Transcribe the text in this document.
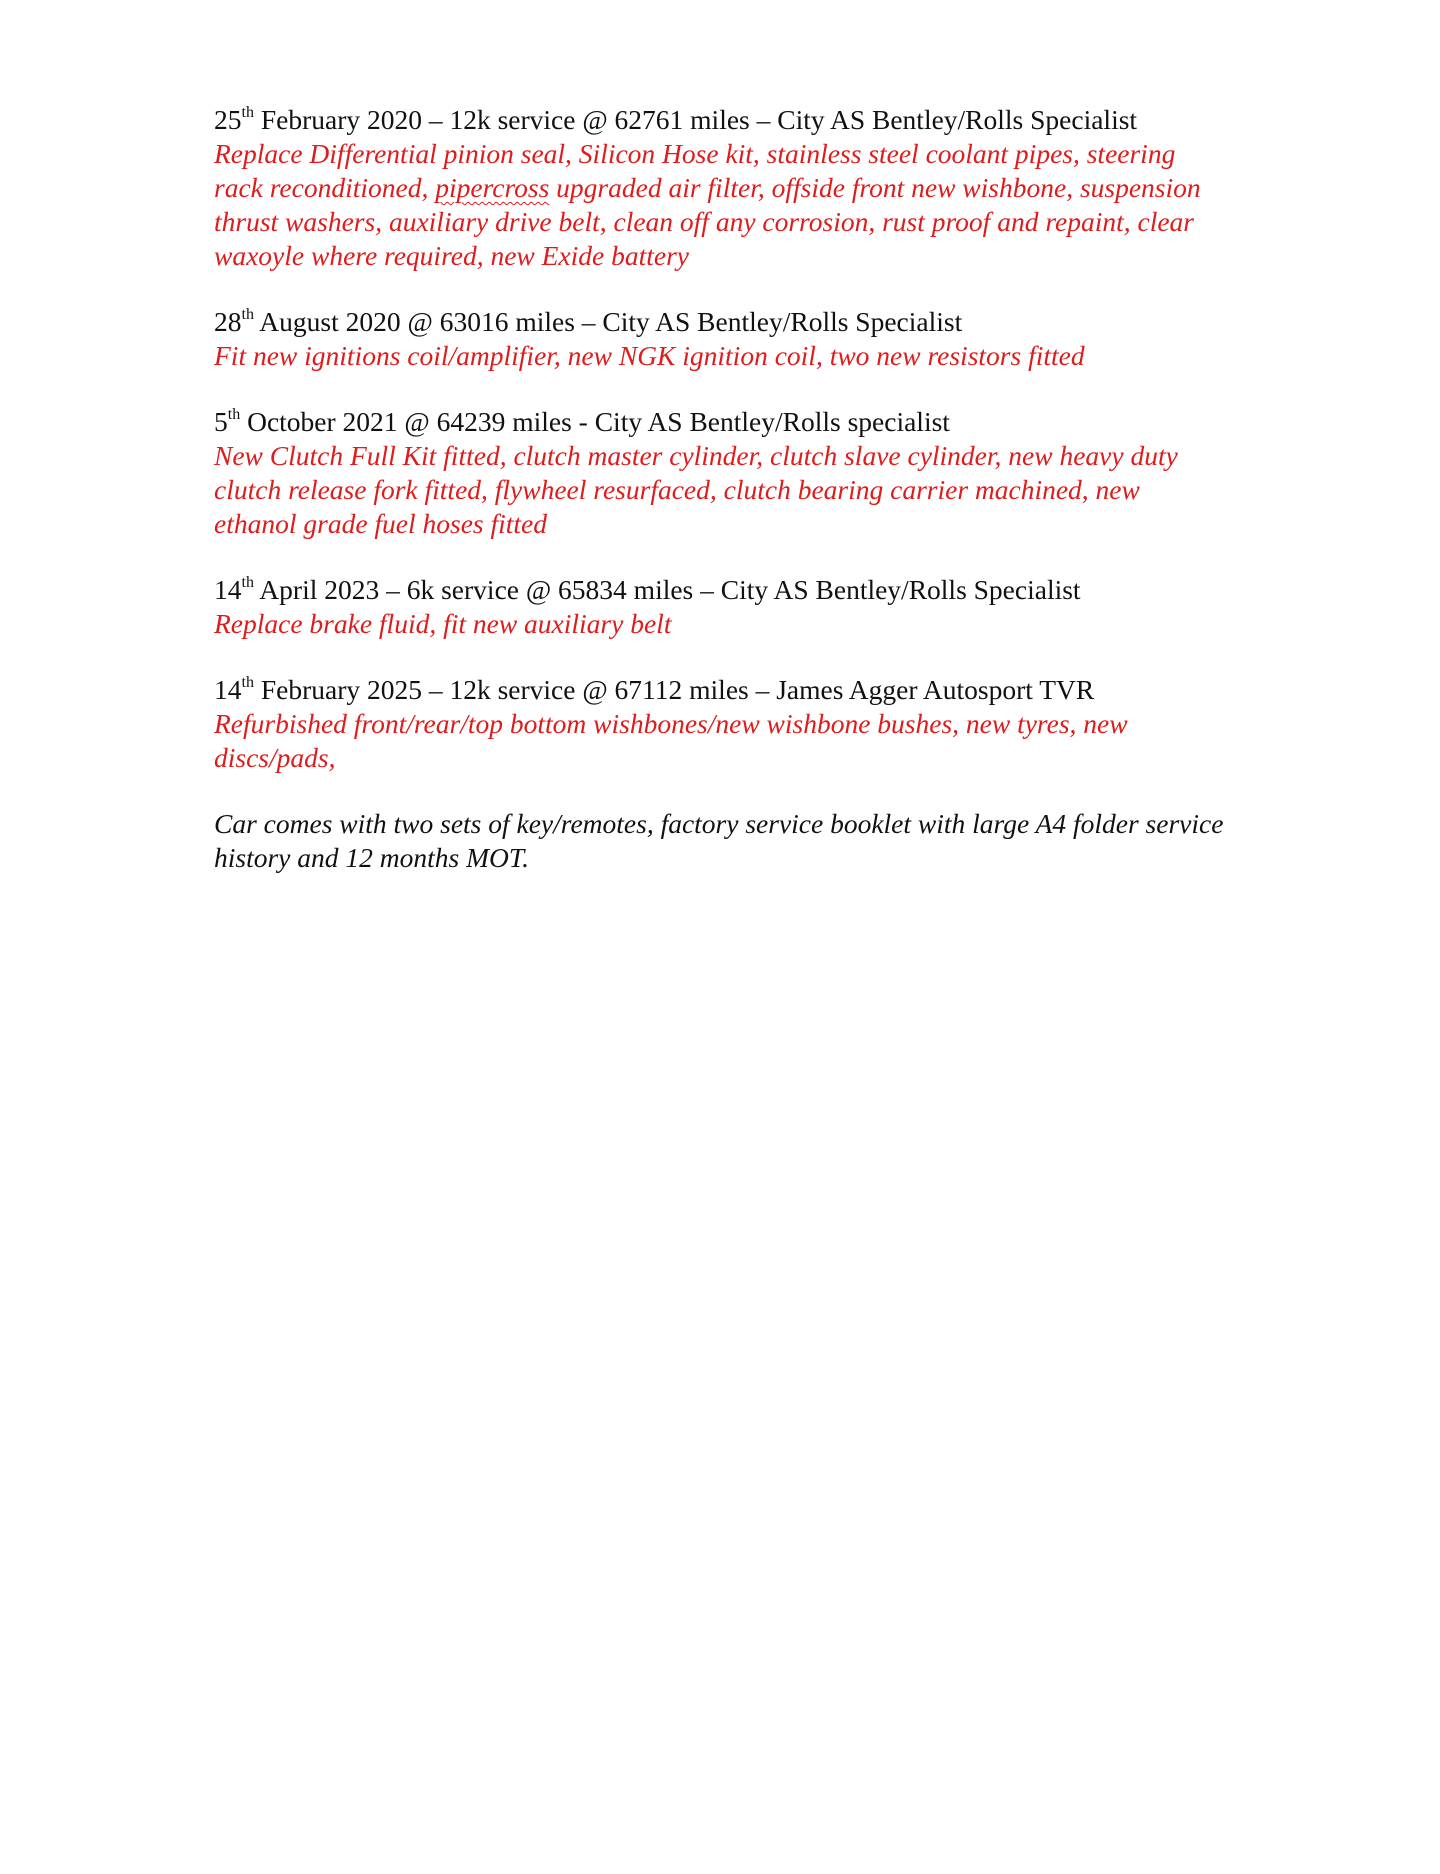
25th February 2020 – 12k service @ 62761 miles – City AS Bentley/Rolls Specialist

Replace Differential pinion seal, Silicon Hose kit, stainless steel coolant pipes, steering rack reconditioned, pipercross upgraded air filter, offside front new wishbone, suspension thrust washers, auxiliary drive belt, clean off any corrosion, rust proof and repaint, clear waxoyle where required, new Exide battery

28th August 2020 @ 63016 miles – City AS Bentley/Rolls Specialist

Fit new ignitions coil/amplifier, new NGK ignition coil, two new resistors fitted

5th October 2021 @ 64239 miles - City AS Bentley/Rolls specialist

New Clutch Full Kit fitted, clutch master cylinder, clutch slave cylinder, new heavy duty clutch release fork fitted, flywheel resurfaced, clutch bearing carrier machined, new ethanol grade fuel hoses fitted

14th April 2023 – 6k service @ 65834 miles – City AS Bentley/Rolls Specialist

Replace brake fluid, fit new auxiliary belt

14th February 2025 – 12k service @ 67112 miles – James Agger Autosport TVR

Refurbished front/rear/top bottom wishbones/new wishbone bushes, new tyres, new discs/pads,

Car comes with two sets of key/remotes, factory service booklet with large A4 folder service history and 12 months MOT.
